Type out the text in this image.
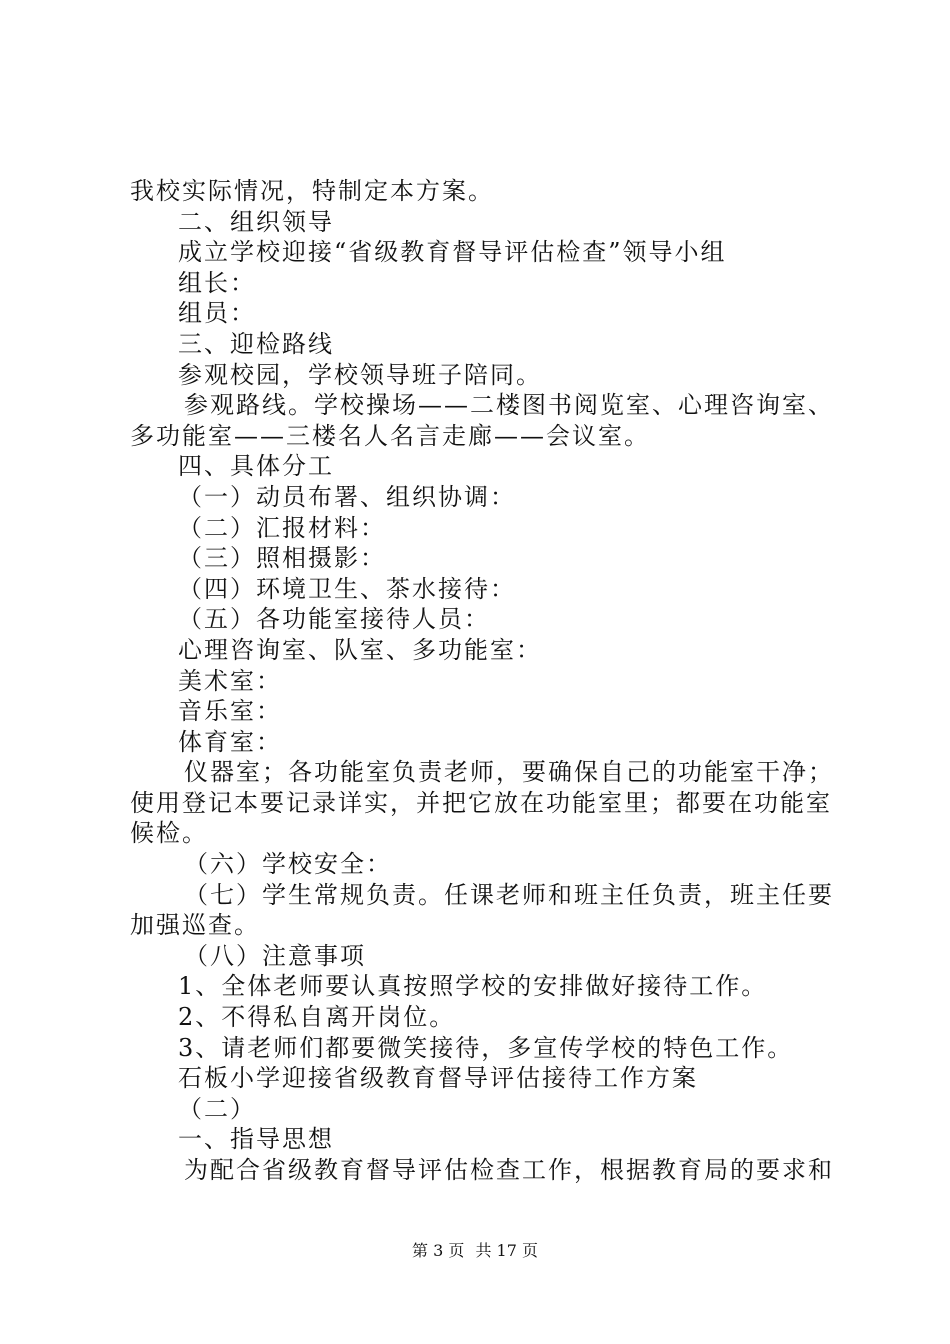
我校实际情况，特制定本方案。
二、组织领导
成立学校迎接“省级教育督导评估检查”领导小组
组长：
组员：
三、迎检路线
参观校园，学校领导班子陪同。
参观路线。学校操场——二楼图书阅览室、心理咨询室、
多功能室——三楼名人名言走廊——会议室。
四、具体分工
（一）动员布署、组织协调：
（二）汇报材料：
（三）照相摄影：
（四）环境卫生、茶水接待：
（五）各功能室接待人员：
心理咨询室、队室、多功能室：
美术室：
音乐室：
体育室：
仪器室；各功能室负责老师，要确保自己的功能室干净；
使用登记本要记录详实，并把它放在功能室里；都要在功能室
候检。
（六）学校安全：
（七）学生常规负责。任课老师和班主任负责，班主任要
加强巡查。
（八）注意事项
1、全体老师要认真按照学校的安排做好接待工作。
2、不得私自离开岗位。
3、请老师们都要微笑接待，多宣传学校的特色工作。
石板小学迎接省级教育督导评估接待工作方案
（二）
一、指导思想
为配合省级教育督导评估检查工作，根据教育局的要求和
第 3 页 共 17 页
